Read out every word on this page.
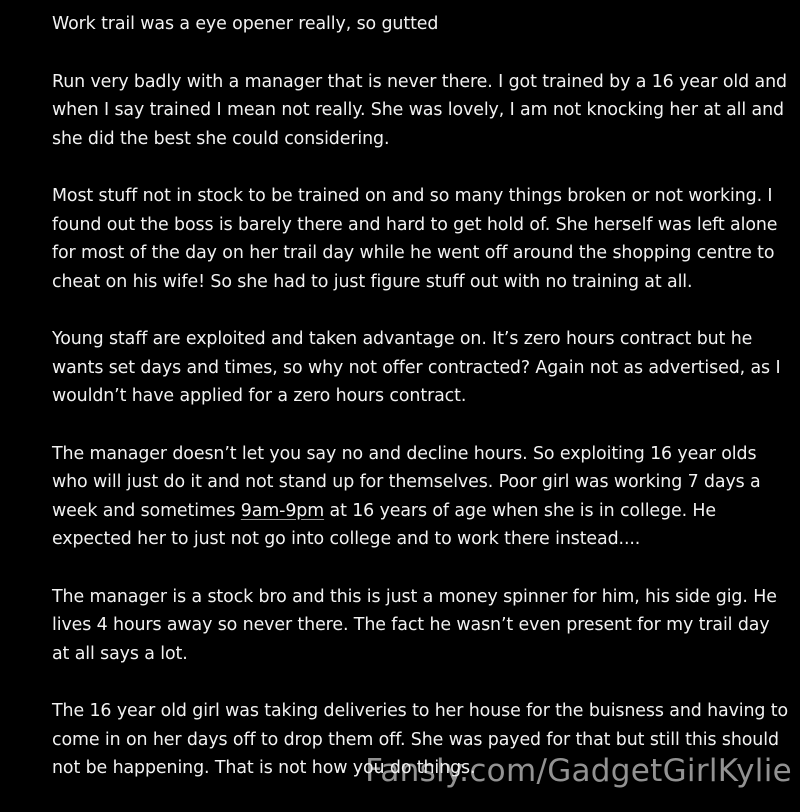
Work trail was a eye opener really, so gutted

Run very badly with a manager that is never there. I got trained by a 16 year old and when I say trained I mean not really. She was lovely, I am not knocking her at all and she did the best she could considering.

Most stuff not in stock to be trained on and so many things broken or not working. I found out the boss is barely there and hard to get hold of. She herself was left alone for most of the day on her trail day while he went off around the shopping centre to cheat on his wife! So she had to just figure stuff out with no training at all.

Young staff are exploited and taken advantage on. It’s zero hours contract but he wants set days and times, so why not offer contracted? Again not as advertised, as I wouldn’t have applied for a zero hours contract.

The manager doesn’t let you say no and decline hours. So exploiting 16 year olds who will just do it and not stand up for themselves. Poor girl was working 7 days a week and sometimes 9am-9pm at 16 years of age when she is in college. He expected her to just not go into college and to work there instead....

The manager is a stock bro and this is just a money spinner for him, his side gig. He lives 4 hours away so never there. The fact he wasn’t even present for my trail day at all says a lot.

The 16 year old girl was taking deliveries to her house for the buisness and having to come in on her days off to drop them off. She was payed for that but still this should not be happening. That is not how you do things.

Fansly.com/GadgetGirlKylie
